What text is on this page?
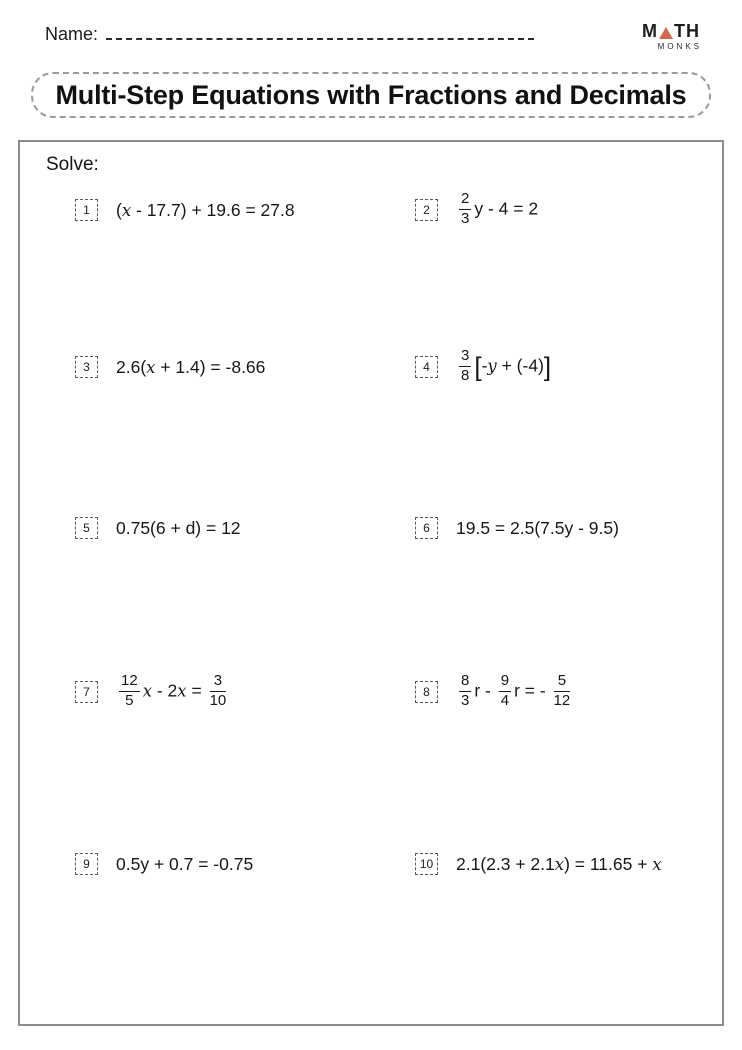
Name:	M TH
MONKS
Multi-Step Equations with Fractions and Decimals
Solve:
1	(x - 17.7) + 19.6 = 27.8	2	$\frac{2}{3}$ y - 4 = 2
3	2.6(x + 1.4) = -8.66	4	$\frac{3}{8} [-y + (-4)]$
5	0.75(6 + d) = 12	6	19.5 = 2.5(7.5y - 9.5)
7	$\frac{12}{5}$ $x - 2x = \frac{3}{10}$	8	$\frac{8}{3}$ r - $\frac{9}{4}$ r = - $\frac{5}{12}$
9	0.5y + 0.7 = -0.75	10 2.1(2.3 + 2.1x) = 11.65 + x
